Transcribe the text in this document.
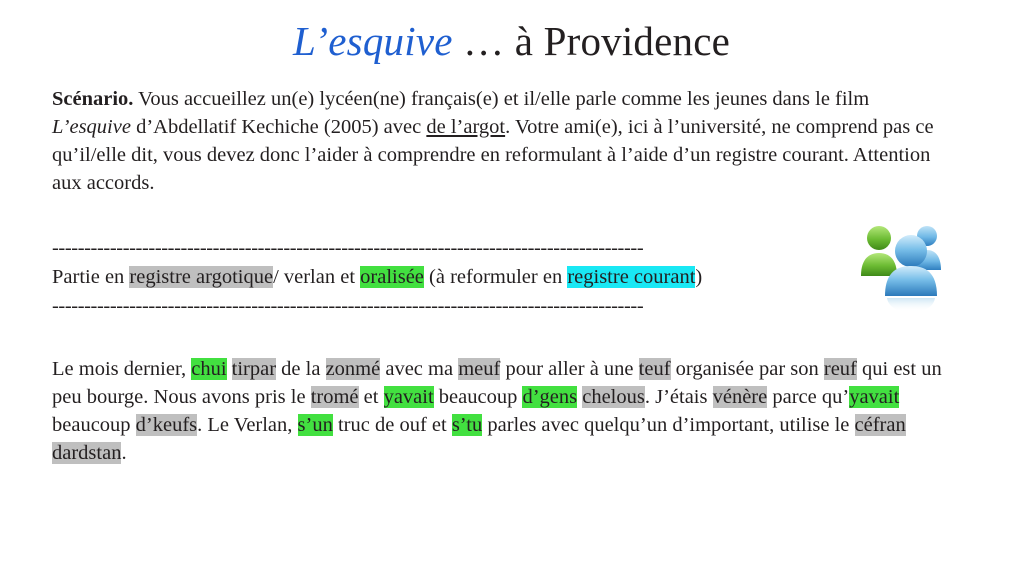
L’esquive … à Providence
Scénario. Vous accueillez un(e) lycéen(ne) français(e) et il/elle parle comme les jeunes dans le film L’esquive d’Abdellatif Kechiche (2005) avec de l’argot. Votre ami(e), ici à l’université, ne comprend pas ce qu’il/elle dit, vous devez donc l’aider à comprendre en reformulant à l’aide d’un registre courant. Attention aux accords.
--------------------------------------------------------------------------------------------
Partie en registre argotique/ verlan et oralisée (à reformuler en registre courant)
--------------------------------------------------------------------------------------------
Le mois dernier, chui tirpar de la zonmé avec ma meuf pour aller à une teuf organisée par son reuf qui est un peu bourge. Nous avons pris le tromé et yavait beaucoup d’gens chelous. J’étais vénère parce qu’yavait beaucoup d’keufs. Le Verlan, s’un truc de ouf et s’tu parles avec quelqu’un d’important, utilise le céfran dardstan.
